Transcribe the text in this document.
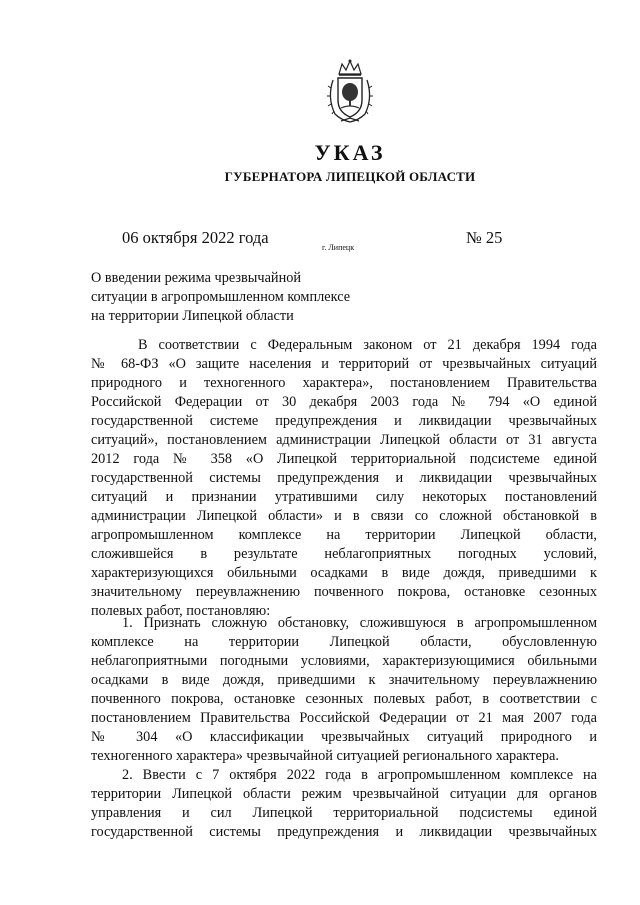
УКАЗ
ГУБЕРНАТОРА ЛИПЕЦКОЙ ОБЛАСТИ
06 октября 2022 года
г. Липецк
№ 25
О введении режима чрезвычайной
ситуации в агропромышленном комплексе
на территории Липецкой области
В соответствии с Федеральным законом от 21 декабря 1994 года
№ 68-ФЗ «О защите населения и территорий от чрезвычайных ситуаций
природного и техногенного характера», постановлением Правительства
Российской Федерации от 30 декабря 2003 года № 794 «О единой
государственной системе предупреждения и ликвидации чрезвычайных
ситуаций», постановлением администрации Липецкой области от 31 августа
2012 года № 358 «О Липецкой территориальной подсистеме единой
государственной системы предупреждения и ликвидации чрезвычайных
ситуаций и признании утратившими силу некоторых постановлений
администрации Липецкой области» и в связи со сложной обстановкой в
агропромышленном комплексе на территории Липецкой области,
сложившейся в результате неблагоприятных погодных условий,
характеризующихся обильными осадками в виде дождя, приведшими к
значительному переувлажнению почвенного покрова, остановке сезонных
полевых работ, постановляю:
1. Признать сложную обстановку, сложившуюся в агропромышленном
комплексе на территории Липецкой области, обусловленную
неблагоприятными погодными условиями, характеризующимися обильными
осадками в виде дождя, приведшими к значительному переувлажнению
почвенного покрова, остановке сезонных полевых работ, в соответствии с
постановлением Правительства Российской Федерации от 21 мая 2007 года
№ 304 «О классификации чрезвычайных ситуаций природного и
техногенного характера» чрезвычайной ситуацией регионального характера.
2. Ввести с 7 октября 2022 года в агропромышленном комплексе на
территории Липецкой области режим чрезвычайной ситуации для органов
управления и сил Липецкой территориальной подсистемы единой
государственной системы предупреждения и ликвидации чрезвычайных
